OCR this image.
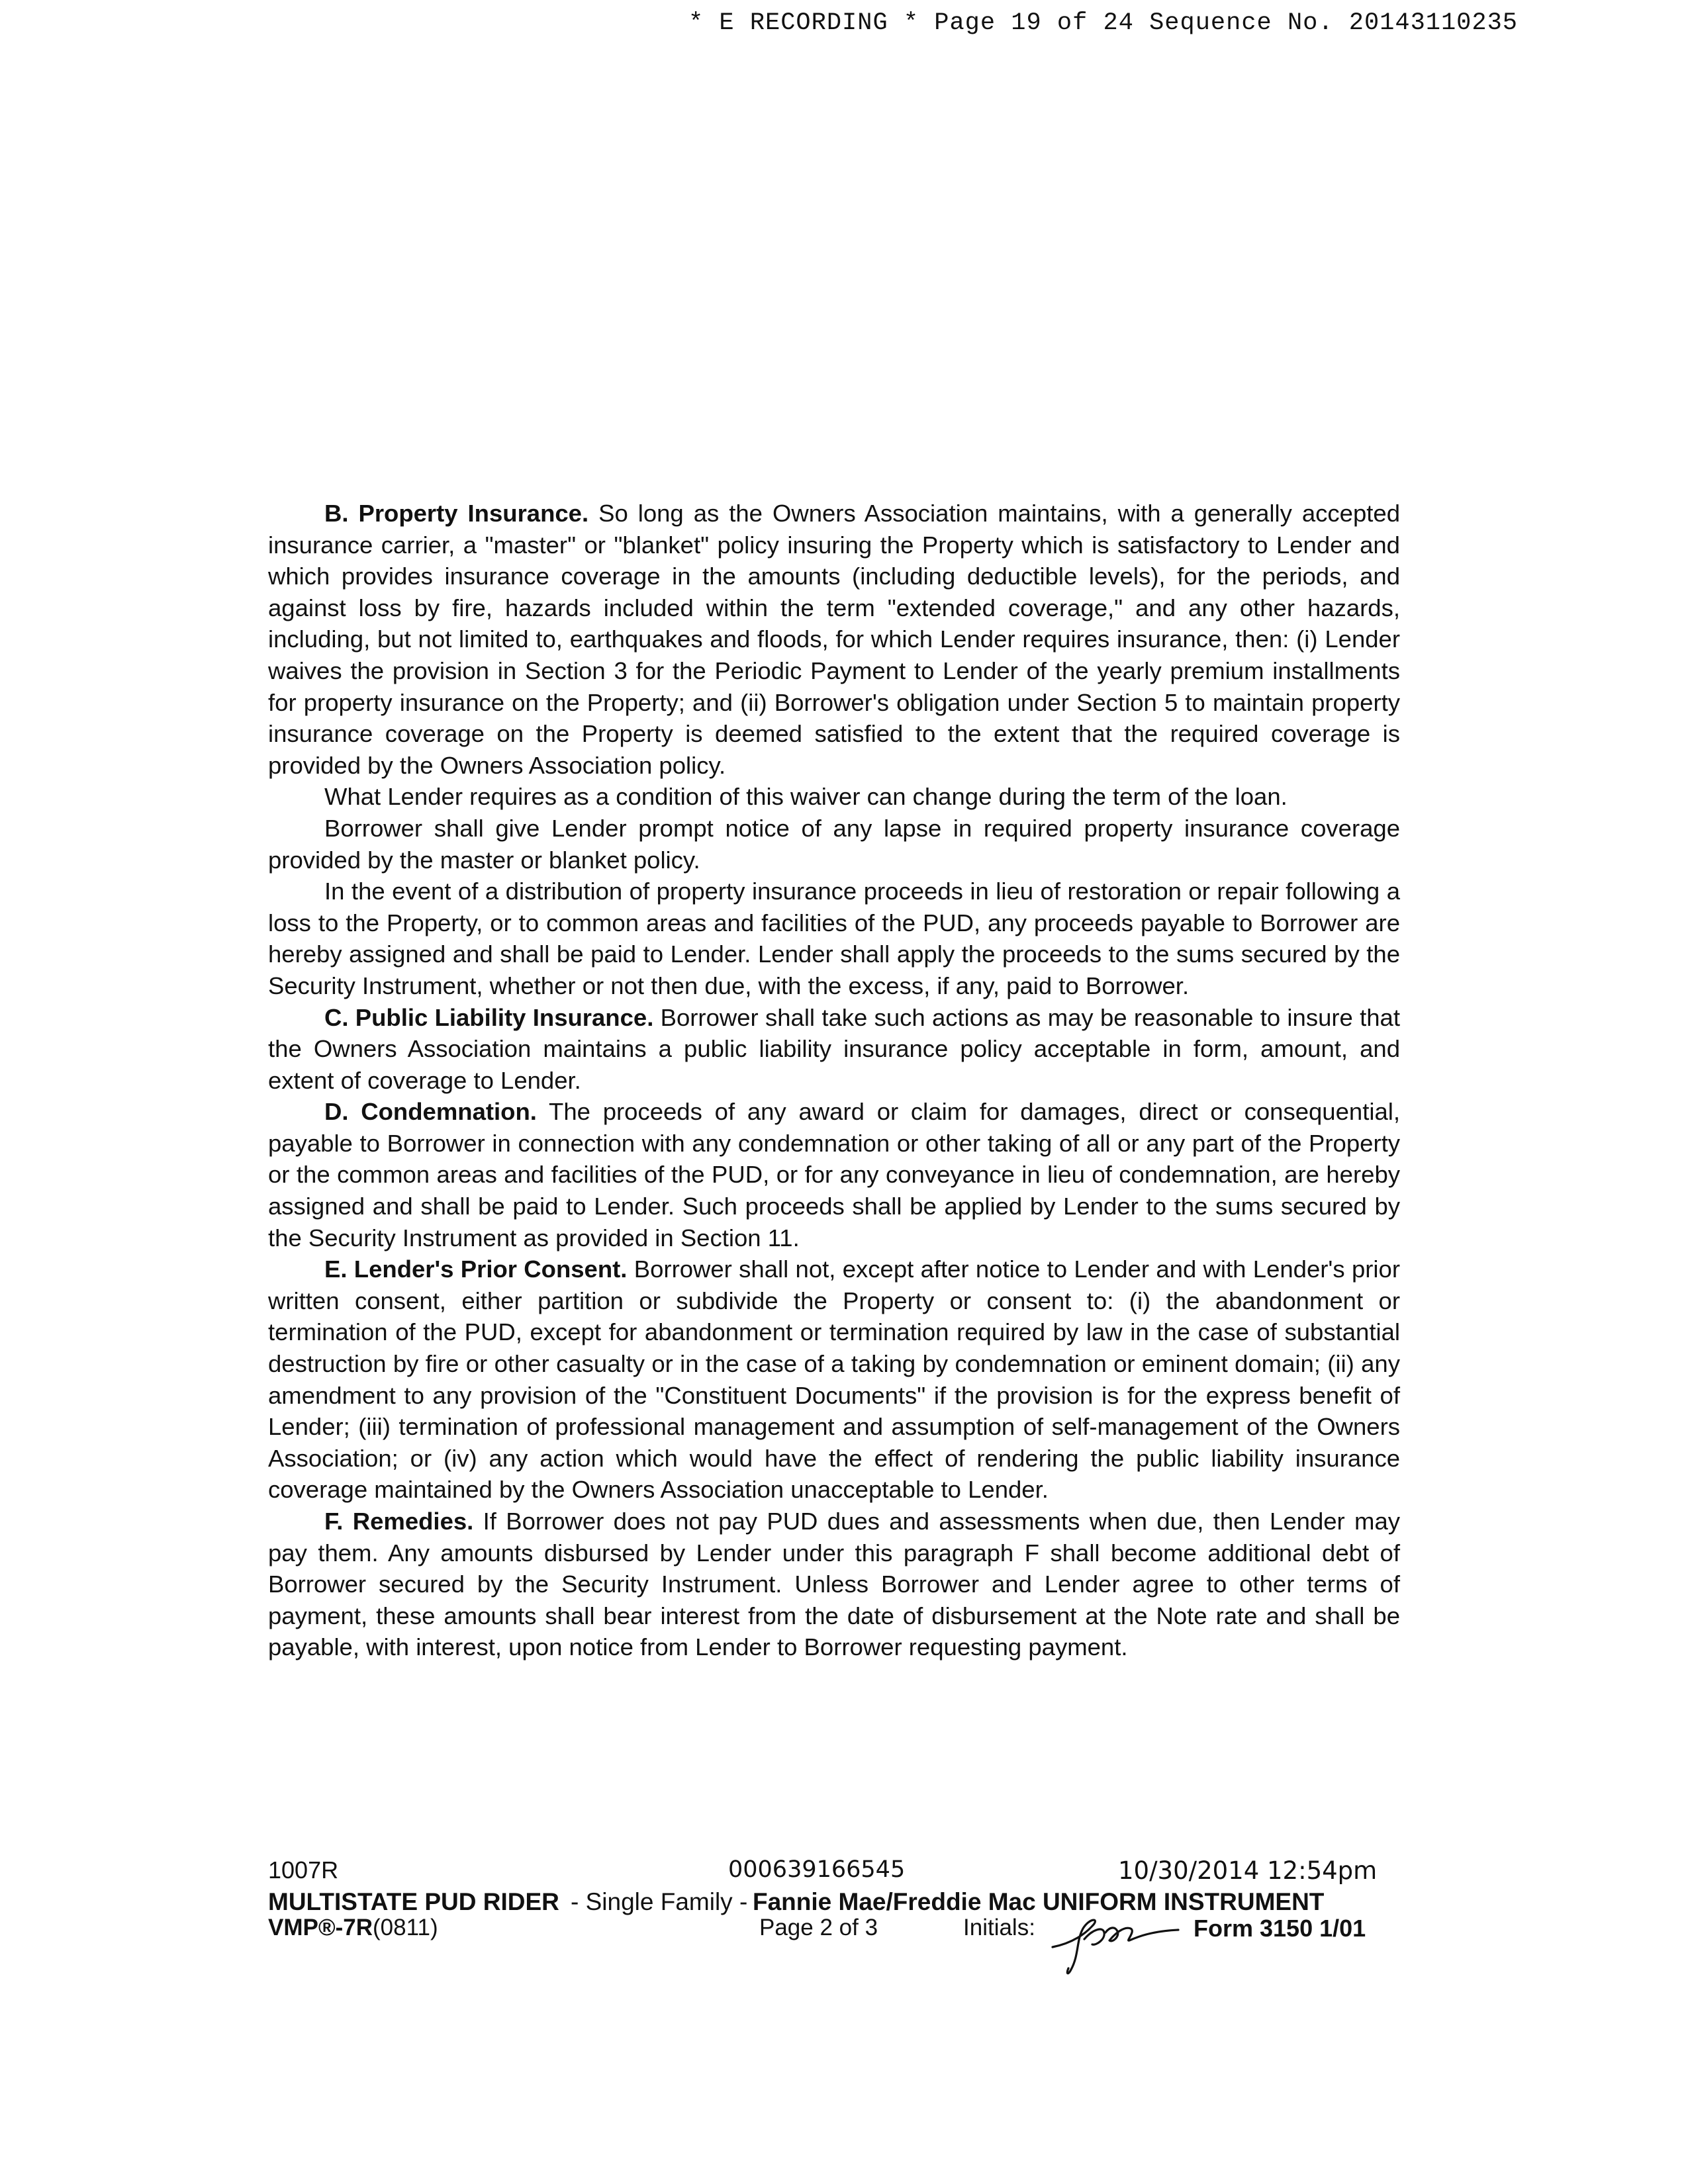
* E RECORDING * Page 19 of 24 Sequence No. 20143110235

B. Property Insurance. So long as the Owners Association maintains, with a generally accepted insurance carrier, a "master" or "blanket" policy insuring the Property which is satisfactory to Lender and which provides insurance coverage in the amounts (including deductible levels), for the periods, and against loss by fire, hazards included within the term "extended coverage," and any other hazards, including, but not limited to, earthquakes and floods, for which Lender requires insurance, then: (i) Lender waives the provision in Section 3 for the Periodic Payment to Lender of the yearly premium installments for property insurance on the Property; and (ii) Borrower's obligation under Section 5 to maintain property insurance coverage on the Property is deemed satisfied to the extent that the required coverage is provided by the Owners Association policy.

What Lender requires as a condition of this waiver can change during the term of the loan.

Borrower shall give Lender prompt notice of any lapse in required property insurance coverage provided by the master or blanket policy.

In the event of a distribution of property insurance proceeds in lieu of restoration or repair following a loss to the Property, or to common areas and facilities of the PUD, any proceeds payable to Borrower are hereby assigned and shall be paid to Lender. Lender shall apply the proceeds to the sums secured by the Security Instrument, whether or not then due, with the excess, if any, paid to Borrower.

C. Public Liability Insurance. Borrower shall take such actions as may be reasonable to insure that the Owners Association maintains a public liability insurance policy acceptable in form, amount, and extent of coverage to Lender.

D. Condemnation. The proceeds of any award or claim for damages, direct or consequential, payable to Borrower in connection with any condemnation or other taking of all or any part of the Property or the common areas and facilities of the PUD, or for any conveyance in lieu of condemnation, are hereby assigned and shall be paid to Lender. Such proceeds shall be applied by Lender to the sums secured by the Security Instrument as provided in Section 11.

E. Lender's Prior Consent. Borrower shall not, except after notice to Lender and with Lender's prior written consent, either partition or subdivide the Property or consent to: (i) the abandonment or termination of the PUD, except for abandonment or termination required by law in the case of substantial destruction by fire or other casualty or in the case of a taking by condemnation or eminent domain; (ii) any amendment to any provision of the "Constituent Documents" if the provision is for the express benefit of Lender; (iii) termination of professional management and assumption of self-management of the Owners Association; or (iv) any action which would have the effect of rendering the public liability insurance coverage maintained by the Owners Association unacceptable to Lender.

F. Remedies. If Borrower does not pay PUD dues and assessments when due, then Lender may pay them. Any amounts disbursed by Lender under this paragraph F shall become additional debt of Borrower secured by the Security Instrument. Unless Borrower and Lender agree to other terms of payment, these amounts shall bear interest from the date of disbursement at the Note rate and shall be payable, with interest, upon notice from Lender to Borrower requesting payment.

1007R	000639166545	10/30/2014 12:54pm
MULTISTATE PUD RIDER - Single Family - Fannie Mae/Freddie Mac UNIFORM INSTRUMENT
VMP®-7R (0811)	Page 2 of 3	Initials:	Form 3150 1/01
